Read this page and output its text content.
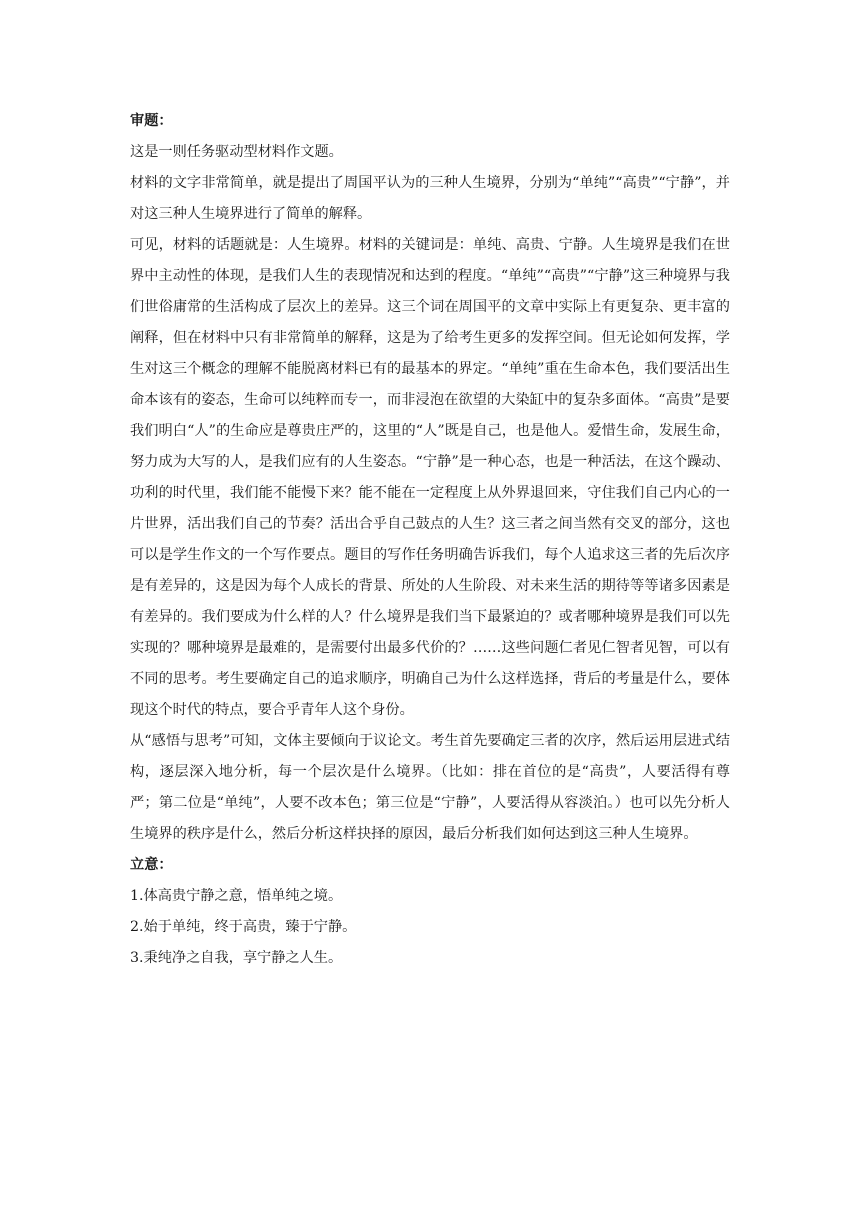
审题：

这是一则任务驱动型材料作文题。

材料的文字非常简单，就是提出了周国平认为的三种人生境界，分别为“单纯”“高贵”“宁静”，并对这三种人生境界进行了简单的解释。

可见，材料的话题就是：人生境界。材料的关键词是：单纯、高贵、宁静。人生境界是我们在世界中主动性的体现，是我们人生的表现情况和达到的程度。“单纯”“高贵”“宁静”这三种境界与我们世俗庸常的生活构成了层次上的差异。这三个词在周国平的文章中实际上有更复杂、更丰富的阐释，但在材料中只有非常简单的解释，这是为了给考生更多的发挥空间。但无论如何发挥，学生对这三个概念的理解不能脱离材料已有的最基本的界定。“单纯”重在生命本色，我们要活出生命本该有的姿态，生命可以纯粹而专一，而非浸泡在欲望的大染缸中的复杂多面体。“高贵”是要我们明白“人”的生命应是尊贵庄严的，这里的“人”既是自己，也是他人。爱惜生命，发展生命，努力成为大写的人，是我们应有的人生姿态。“宁静”是一种心态，也是一种活法，在这个躁动、功利的时代里，我们能不能慢下来？能不能在一定程度上从外界退回来，守住我们自己内心的一片世界，活出我们自己的节奏？活出合乎自己鼓点的人生？这三者之间当然有交叉的部分，这也可以是学生作文的一个写作要点。题目的写作任务明确告诉我们，每个人追求这三者的先后次序是有差异的，这是因为每个人成长的背景、所处的人生阶段、对未来生活的期待等等诸多因素是有差异的。我们要成为什么样的人？什么境界是我们当下最紧迫的？或者哪种境界是我们可以先实现的？哪种境界是最难的，是需要付出最多代价的？……这些问题仁者见仁智者见智，可以有不同的思考。考生要确定自己的追求顺序，明确自己为什么这样选择，背后的考量是什么，要体现这个时代的特点，要合乎青年人这个身份。

从“感悟与思考”可知，文体主要倾向于议论文。考生首先要确定三者的次序，然后运用层进式结构，逐层深入地分析，每一个层次是什么境界。（比如：排在首位的是“高贵”，人要活得有尊严；第二位是“单纯”，人要不改本色；第三位是“宁静”，人要活得从容淡泊。）也可以先分析人生境界的秩序是什么，然后分析这样抉择的原因，最后分析我们如何达到这三种人生境界。

立意：

1.体高贵宁静之意，悟单纯之境。

2.始于单纯，终于高贵，臻于宁静。

3.秉纯净之自我，享宁静之人生。
